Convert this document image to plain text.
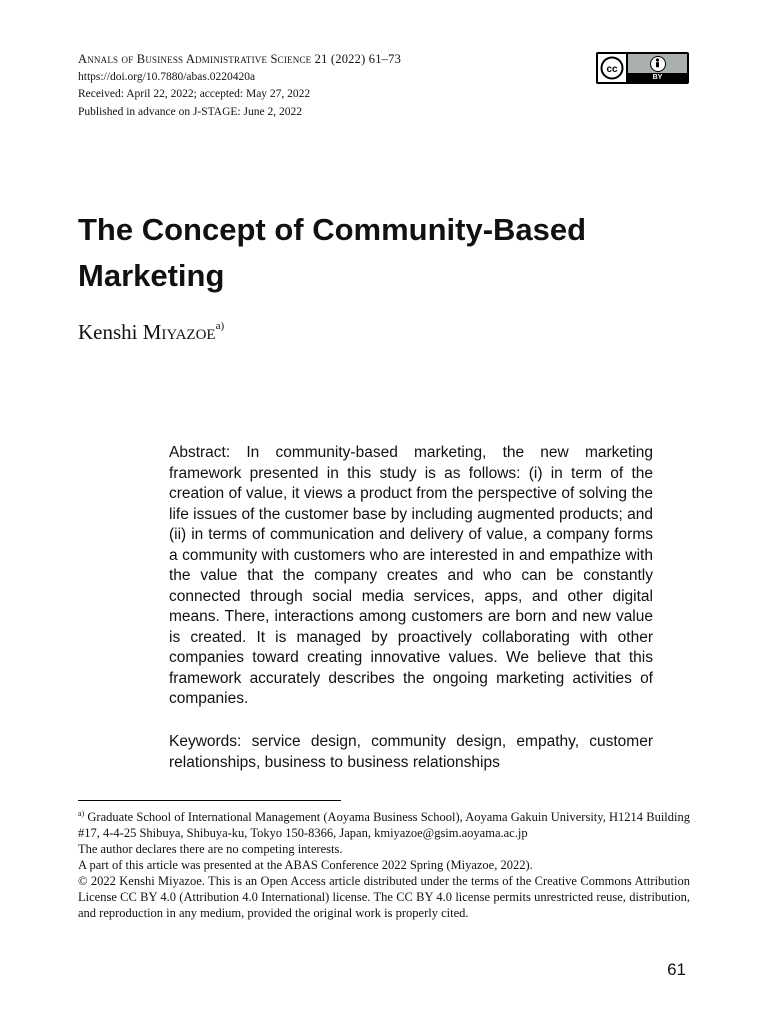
Annals of Business Administrative Science 21 (2022) 61–73
https://doi.org/10.7880/abas.0220420a
Received: April 22, 2022; accepted: May 27, 2022
Published in advance on J-STAGE: June 2, 2022
cc
BY
The Concept of Community-Based Marketing
Kenshi Miyazoe$^{a)}$

Abstract: In community-based marketing, the new marketing framework presented in this study is as follows: (i) in term of the creation of value, it views a product from the perspective of solving the life issues of the customer base by including augmented products; and (ii) in terms of communication and delivery of value, a company forms a community with customers who are interested in and empathize with the value that the company creates and who can be constantly connected through social media services, apps, and other digital means. There, interactions among customers are born and new value is created. It is managed by proactively collaborating with other companies toward creating innovative values. We believe that this framework accurately describes the ongoing marketing activities of companies.

Keywords: service design, community design, empathy, customer relationships, business to business relationships

$^{a)}$ Graduate School of International Management (Aoyama Business School), Aoyama Gakuin University, H1214 Building #17, 4-4-25 Shibuya, Shibuya-ku, Tokyo 150-8366, Japan, kmiyazoe@gsim.aoyama.ac.jp

The author declares there are no competing interests.

A part of this article was presented at the ABAS Conference 2022 Spring (Miyazoe, 2022).

© 2022 Kenshi Miyazoe. This is an Open Access article distributed under the terms of the Creative Commons Attribution License CC BY 4.0 (Attribution 4.0 International) license. The CC BY 4.0 license permits unrestricted reuse, distribution, and reproduction in any medium, provided the original work is properly cited.

61
